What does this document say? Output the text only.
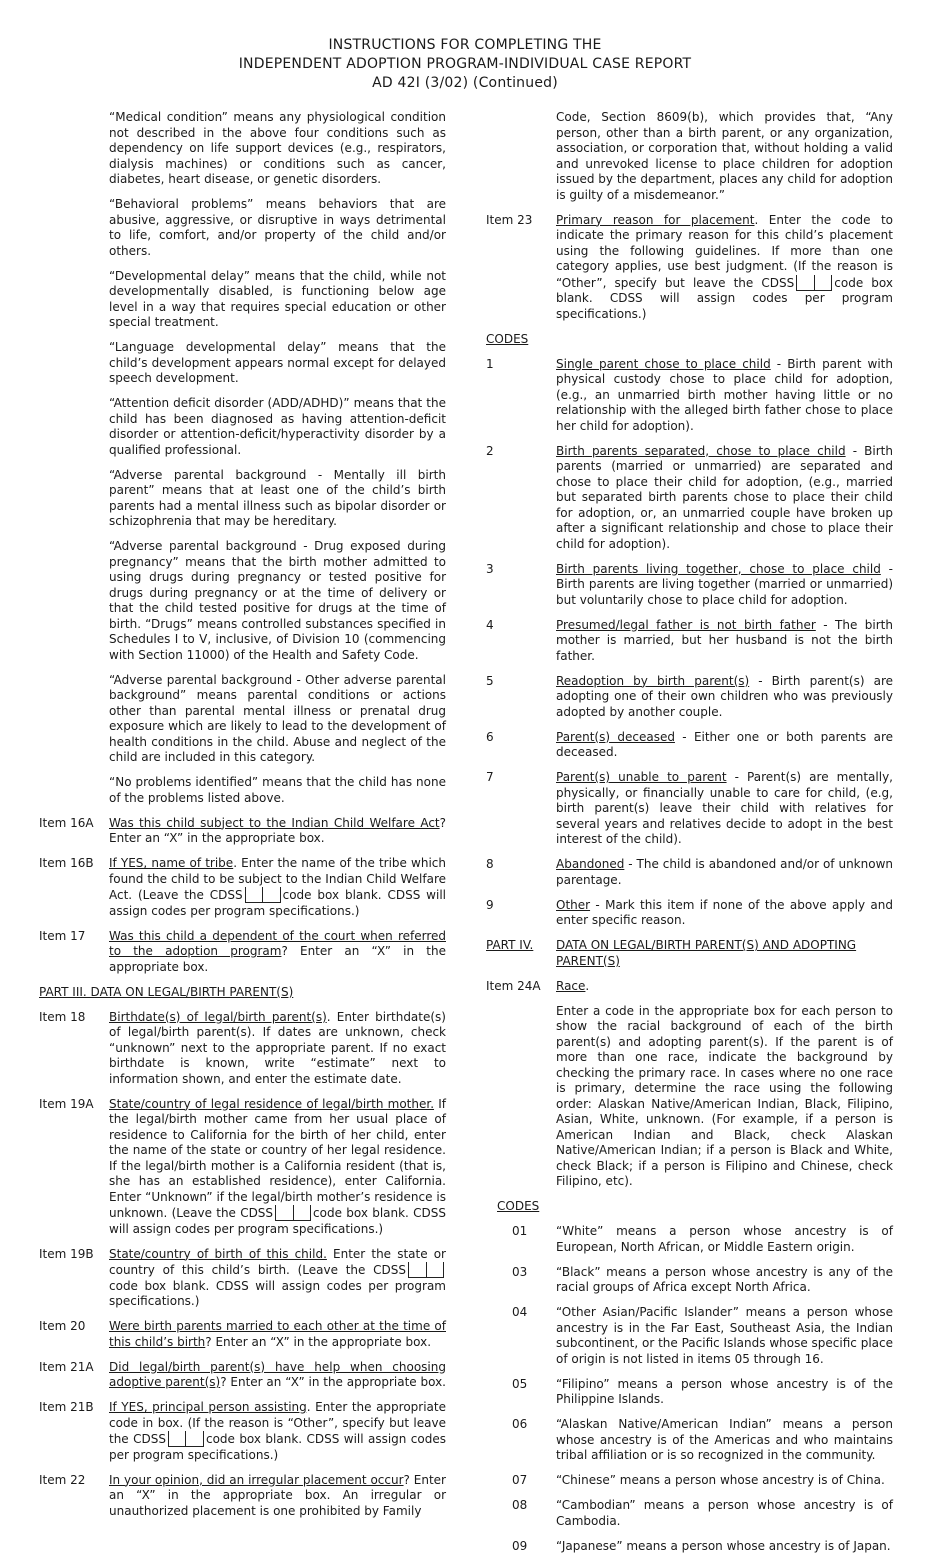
INSTRUCTIONS FOR COMPLETING THE
INDEPENDENT ADOPTION PROGRAM-INDIVIDUAL CASE REPORT
AD 42I (3/02) (Continued)

“Medical condition” means any physiological condition not described in the above four conditions such as dependency on life support devices (e.g., respirators, dialysis machines) or conditions such as cancer, diabetes, heart disease, or genetic disorders.

“Behavioral problems” means behaviors that are abusive, aggressive, or disruptive in ways detrimental to life, comfort, and/or property of the child and/or others.

“Developmental delay” means that the child, while not developmentally disabled, is functioning below age level in a way that requires special education or other special treatment.

“Language developmental delay” means that the child’s development appears normal except for delayed speech development.

“Attention deficit disorder (ADD/ADHD)” means that the child has been diagnosed as having attention-deficit disorder or attention-deficit/hyperactivity disorder by a qualified professional.

“Adverse parental background - Mentally ill birth parent” means that at least one of the child’s birth parents had a mental illness such as bipolar disorder or schizophrenia that may be hereditary.

“Adverse parental background - Drug exposed during pregnancy” means that the birth mother admitted to using drugs during pregnancy or tested positive for drugs during pregnancy or at the time of delivery or that the child tested positive for drugs at the time of birth. “Drugs” means controlled substances specified in Schedules I to V, inclusive, of Division 10 (commencing with Section 11000) of the Health and Safety Code.

“Adverse parental background - Other adverse parental background” means parental conditions or actions other than parental mental illness or prenatal drug exposure which are likely to lead to the development of health conditions in the child. Abuse and neglect of the child are included in this category.

“No problems identified” means that the child has none of the problems listed above.

Item 16A	Was this child subject to the Indian Child Welfare Act? Enter an “X” in the appropriate box.
Item 16B	If YES, name of tribe. Enter the name of the tribe which found the child to be subject to the Indian Child Welfare Act. (Leave the CDSS	code box blank. CDSS will assign codes per program specifications.)
Item 17	Was this child a dependent of the court when referred to the adoption program? Enter an “X” in the appropriate box.
PART III. DATA ON LEGAL/BIRTH PARENT(S)
Item 18	Birthdate(s) of legal/birth parent(s). Enter birthdate(s) of legal/birth parent(s). If dates are unknown, check “unknown” next to the appropriate parent. If no exact birthdate is known, write “estimate” next to information shown, and enter the estimate date.
Item 19A	State/country of legal residence of legal/birth mother. If the legal/birth mother came from her usual place of residence to California for the birth of her child, enter the name of the state or country of her legal residence. If the legal/birth mother is a California resident (that is, she has an established residence), enter California. Enter “Unknown” if the legal/birth mother’s residence is unknown. (Leave the CDSS	code box blank. CDSS will assign codes per program specifications.)
Item 19B	State/country of birth of this child. Enter the state or country of this child’s birth. (Leave the CDSScode box blank. CDSS will assign codes per program specifications.)
Item 20	Were birth parents married to each other at the time of this child’s birth? Enter an “X” in the appropriate box.
Item 21A	Did legal/birth parent(s) have help when choosing adoptive parent(s)? Enter an “X” in the appropriate box.
Item 21B	If YES, principal person assisting. Enter the appropriate code in box. (If the reason is “Other”, specify but leave the CDSS	code box blank. CDSS will assign codes per program specifications.)
Item 22	In your opinion, did an irregular placement occur? Enter an “X” in the appropriate box. An irregular or unauthorized placement is one prohibited by Family

Code, Section 8609(b), which provides that, “Any person, other than a birth parent, or any organization, association, or corporation that, without holding a valid and unrevoked license to place children for adoption issued by the department, places any child for adoption is guilty of a misdemeanor.”

Item 23	Primary reason for placement. Enter the code to indicate the primary reason for this child’s placement using the following guidelines. If more than one category applies, use best judgment. (If the reason is “Other”, specify but leave the CDSS	code box blank. CDSS will assign codes per program specifications.)
CODES
1	Single parent chose to place child - Birth parent with physical custody chose to place child for adoption, (e.g., an unmarried birth mother having little or no relationship with the alleged birth father chose to place her child for adoption).
2	Birth parents separated, chose to place child - Birth parents (married or unmarried) are separated and chose to place their child for adoption, (e.g., married but separated birth parents chose to place their child for adoption, or, an unmarried couple have broken up after a significant relationship and chose to place their child for adoption).
3	Birth parents living together, chose to place child - Birth parents are living together (married or unmarried) but voluntarily chose to place child for adoption.
4	Presumed/legal father is not birth father - The birth mother is married, but her husband is not the birth father.
5	Readoption by birth parent(s) - Birth parent(s) are adopting one of their own children who was previously adopted by another couple.
6	Parent(s) deceased - Either one or both parents are deceased.
7	Parent(s) unable to parent - Parent(s) are mentally, physically, or financially unable to care for child, (e.g, birth parent(s) leave their child with relatives for several years and relatives decide to adopt in the best interest of the child).
8	Abandoned - The child is abandoned and/or of unknown parentage.
9	Other - Mark this item if none of the above apply and enter specific reason.
PART IV.	DATA ON LEGAL/BIRTH PARENT(S) AND ADOPTING PARENT(S)
Item 24A	Race.

Enter a code in the appropriate box for each person to show the racial background of each of the birth parent(s) and adopting parent(s). If the parent is of more than one race, indicate the background by checking the primary race. In cases where no one race is primary, determine the race using the following order: Alaskan Native/American Indian, Black, Filipino, Asian, White, unknown. (For example, if a person is American Indian and Black, check Alaskan Native/American Indian; if a person is Black and White, check Black; if a person is Filipino and Chinese, check Filipino, etc).

CODES
01	“White” means a person whose ancestry is of European, North African, or Middle Eastern origin.
03	“Black” means a person whose ancestry is any of the racial groups of Africa except North Africa.
04	“Other Asian/Pacific Islander” means a person whose ancestry is in the Far East, Southeast Asia, the Indian subcontinent, or the Pacific Islands whose specific place of origin is not listed in items 05 through 16.
05	“Filipino” means a person whose ancestry is of the Philippine Islands.
06	“Alaskan Native/American Indian” means a person whose ancestry is of the Americas and who maintains tribal affiliation or is so recognized in the community.
07	“Chinese” means a person whose ancestry is of China.
08	“Cambodian” means a person whose ancestry is of Cambodia.
09	“Japanese” means a person whose ancestry is of Japan.
